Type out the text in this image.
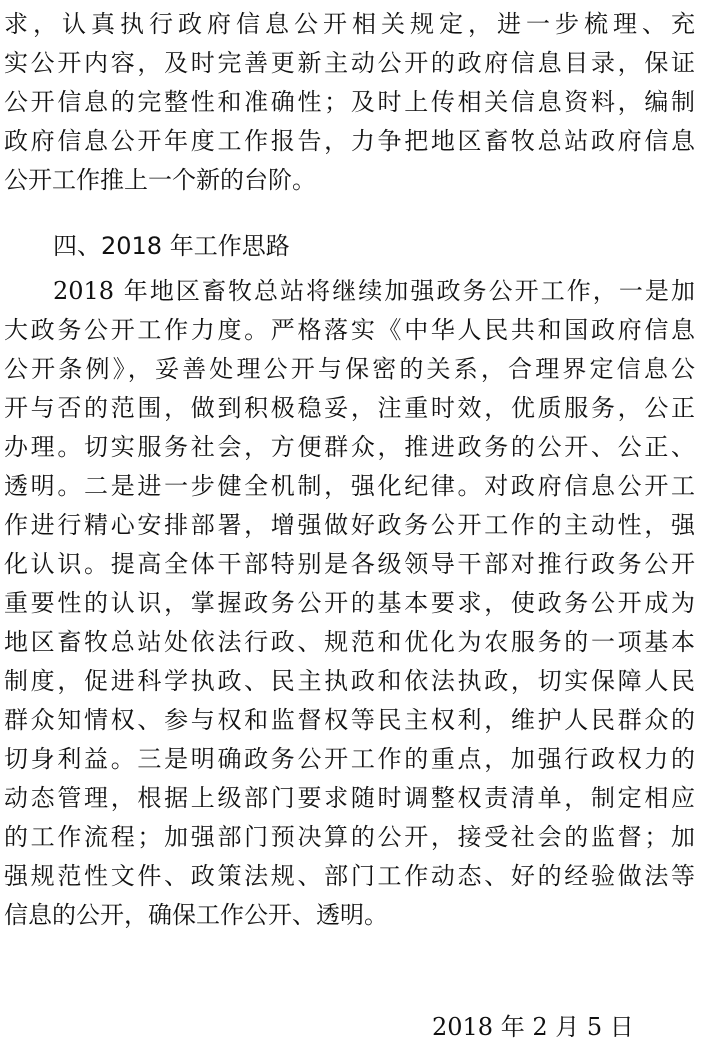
求，认真执行政府信息公开相关规定，进一步梳理、充
实公开内容，及时完善更新主动公开的政府信息目录，保证
公开信息的完整性和准确性；及时上传相关信息资料，编制
政府信息公开年度工作报告，力争把地区畜牧总站政府信息
公开工作推上一个新的台阶。
四、2018 年工作思路
2018 年地区畜牧总站将继续加强政务公开工作，一是加
大政务公开工作力度。严格落实《中华人民共和国政府信息
公开条例》，妥善处理公开与保密的关系，合理界定信息公
开与否的范围，做到积极稳妥，注重时效，优质服务，公正
办理。切实服务社会，方便群众，推进政务的公开、公正、
透明。二是进一步健全机制，强化纪律。对政府信息公开工
作进行精心安排部署，增强做好政务公开工作的主动性，强
化认识。提高全体干部特别是各级领导干部对推行政务公开
重要性的认识，掌握政务公开的基本要求，使政务公开成为
地区畜牧总站处依法行政、规范和优化为农服务的一项基本
制度，促进科学执政、民主执政和依法执政，切实保障人民
群众知情权、参与权和监督权等民主权利，维护人民群众的
切身利益。三是明确政务公开工作的重点，加强行政权力的
动态管理，根据上级部门要求随时调整权责清单，制定相应
的工作流程；加强部门预决算的公开，接受社会的监督；加
强规范性文件、政策法规、部门工作动态、好的经验做法等
信息的公开，确保工作公开、透明。
2018 年 2 月 5 日
